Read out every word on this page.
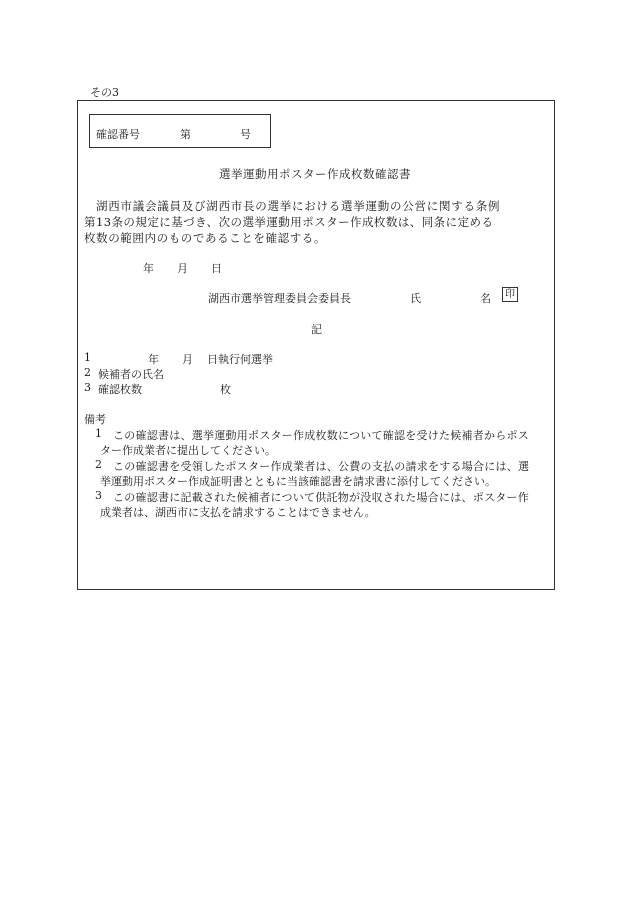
その3
確認番号	第	号
選挙運動用ポスター作成枚数確認書
湖西市議会議員及び湖西市長の選挙における選挙運動の公営に関する条例
第13条の規定に基づき、次の選挙運動用ポスター作成枚数は、同条に定める
枚数の範囲内のものであることを確認する。
年 月 日
湖西市選挙管理委員会委員長	氏	名	印
記
1	年 月 日執行何選挙
2 候補者の氏名
3 確認枚数	枚
備考
1 この確認書は、選挙運動用ポスター作成枚数について確認を受けた候補者からポス
ター作成業者に提出してください。
2 この確認書を受領したポスター作成業者は、公費の支払の請求をする場合には、選
挙運動用ポスター作成証明書とともに当該確認書を請求書に添付してください。
3 この確認書に記載された候補者について供託物が没収された場合には、ポスター作
成業者は、湖西市に支払を請求することはできません。
